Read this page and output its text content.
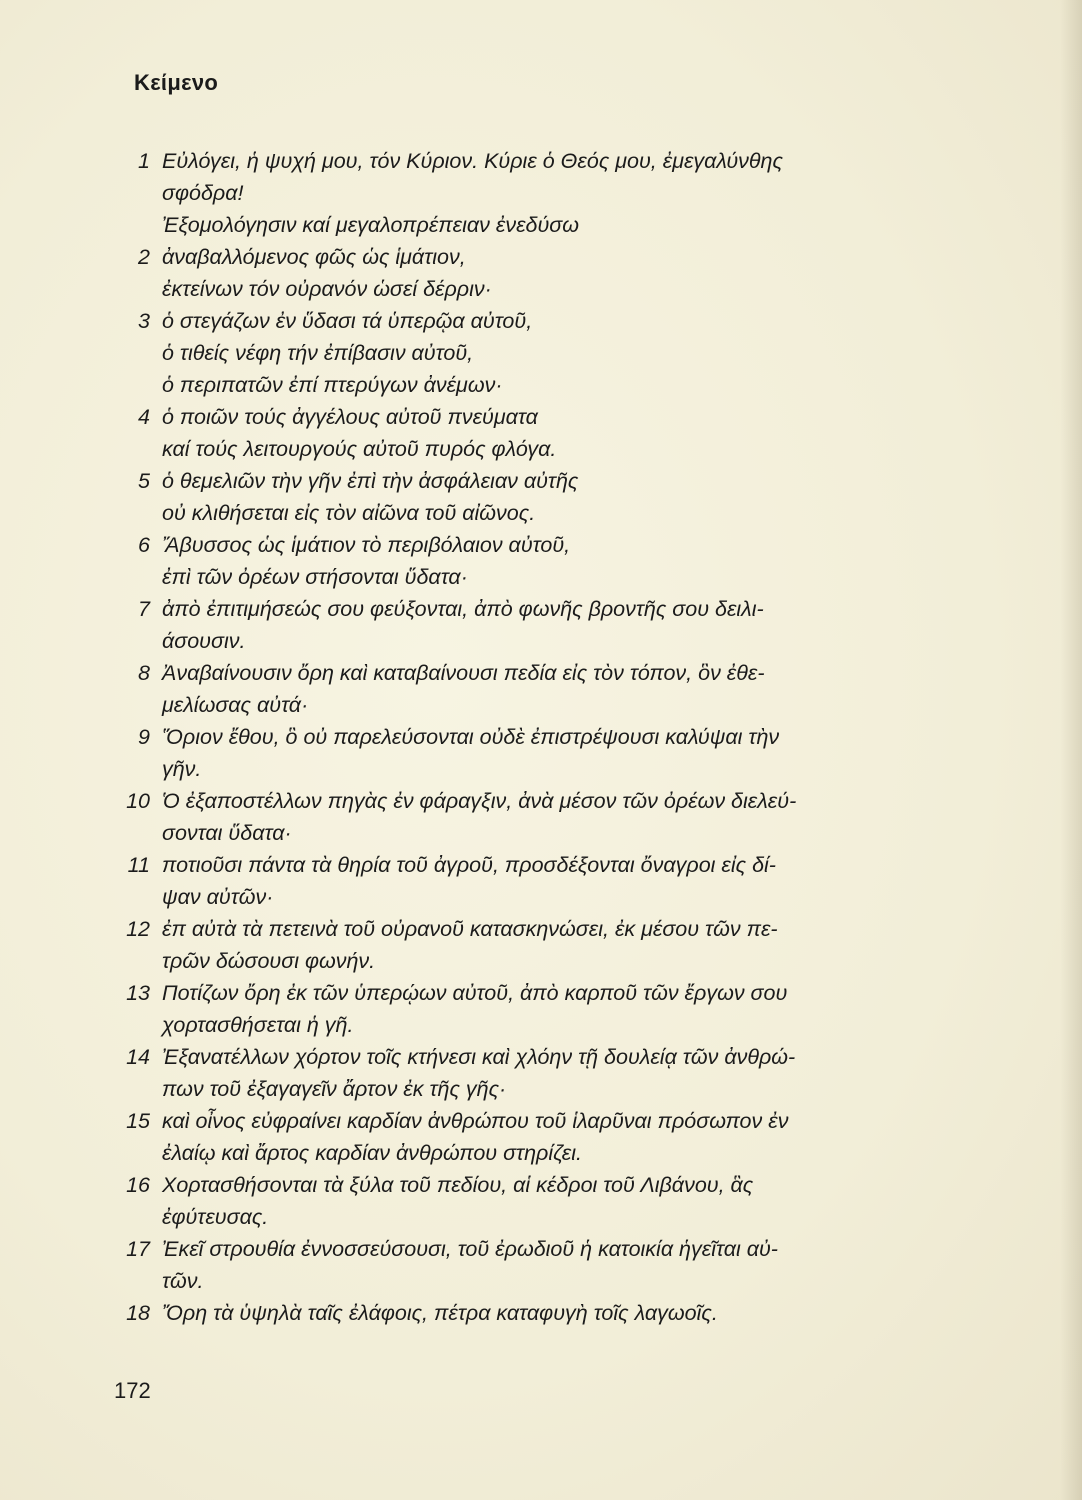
Κείμενο
1 Εὐλόγει, ἡ ψυχή μου, τόν Κύριον. Κύριε ὁ Θεός μου, ἐμεγαλύνθης
σφόδρα!
Ἐξομολόγησιν καί μεγαλοπρέπειαν ἐνεδύσω
2 ἀναβαλλόμενος φῶς ὡς ἱμάτιον,
ἐκτείνων τόν οὐρανόν ὡσεί δέρριν·
3 ὁ στεγάζων ἐν ὕδασι τά ὑπερῷα αὐτοῦ,
ὁ τιθείς νέφη τήν ἐπίβασιν αὐτοῦ,
ὁ περιπατῶν ἐπί πτερύγων ἀνέμων·
4 ὁ ποιῶν τούς ἀγγέλους αὐτοῦ πνεύματα
καί τούς λειτουργούς αὐτοῦ πυρός φλόγα.
5 ὁ θεμελιῶν τὴν γῆν ἐπὶ τὴν ἀσφάλειαν αὐτῆς
οὐ κλιθήσεται εἰς τὸν αἰῶνα τοῦ αἰῶνος.
6 Ἄβυσσος ὡς ἱμάτιον τὸ περιβόλαιον αὐτοῦ,
ἐπὶ τῶν ὀρέων στήσονται ὕδατα·
7 ἀπὸ ἐπιτιμήσεώς σου φεύξονται, ἀπὸ φωνῆς βροντῆς σου δειλι-
άσουσιν.
8 Ἀναβαίνουσιν ὄρη καὶ καταβαίνουσι πεδία εἰς τὸν τόπον, ὃν ἐθε-
μελίωσας αὐτά·
9 Ὅριον ἔθου, ὃ οὐ παρελεύσονται οὐδὲ ἐπιστρέψουσι καλύψαι τὴν
γῆν.
10 Ὁ ἐξαποστέλλων πηγὰς ἐν φάραγξιν, ἀνὰ μέσον τῶν ὀρέων διελεύ-
σονται ὕδατα·
11 ποτιοῦσι πάντα τὰ θηρία τοῦ ἀγροῦ, προσδέξονται ὄναγροι εἰς δί-
ψαν αὐτῶν·
12 ἐπ αὐτὰ τὰ πετεινὰ τοῦ οὐρανοῦ κατασκηνώσει, ἐκ μέσου τῶν πε-
τρῶν δώσουσι φωνήν.
13 Ποτίζων ὄρη ἐκ τῶν ὑπερῴων αὐτοῦ, ἀπὸ καρποῦ τῶν ἔργων σου
χορτασθήσεται ἡ γῆ.
14 Ἐξανατέλλων χόρτον τοῖς κτήνεσι καὶ χλόην τῇ δουλείᾳ τῶν ἀνθρώ-
πων τοῦ ἐξαγαγεῖν ἄρτον ἐκ τῆς γῆς·
15 καὶ οἶνος εὐφραίνει καρδίαν ἀνθρώπου τοῦ ἱλαρῦναι πρόσωπον ἐν
ἐλαίῳ καὶ ἄρτος καρδίαν ἀνθρώπου στηρίζει.
16 Χορτασθήσονται τὰ ξύλα τοῦ πεδίου, αἱ κέδροι τοῦ Λιβάνου, ἃς
ἐφύτευσας.
17 Ἐκεῖ στρουθία ἐννοσσεύσουσι, τοῦ ἐρωδιοῦ ἡ κατοικία ἡγεῖται αὐ-
τῶν.
18 Ὄρη τὰ ὑψηλὰ ταῖς ἐλάφοις, πέτρα καταφυγὴ τοῖς λαγωοῖς.
172
